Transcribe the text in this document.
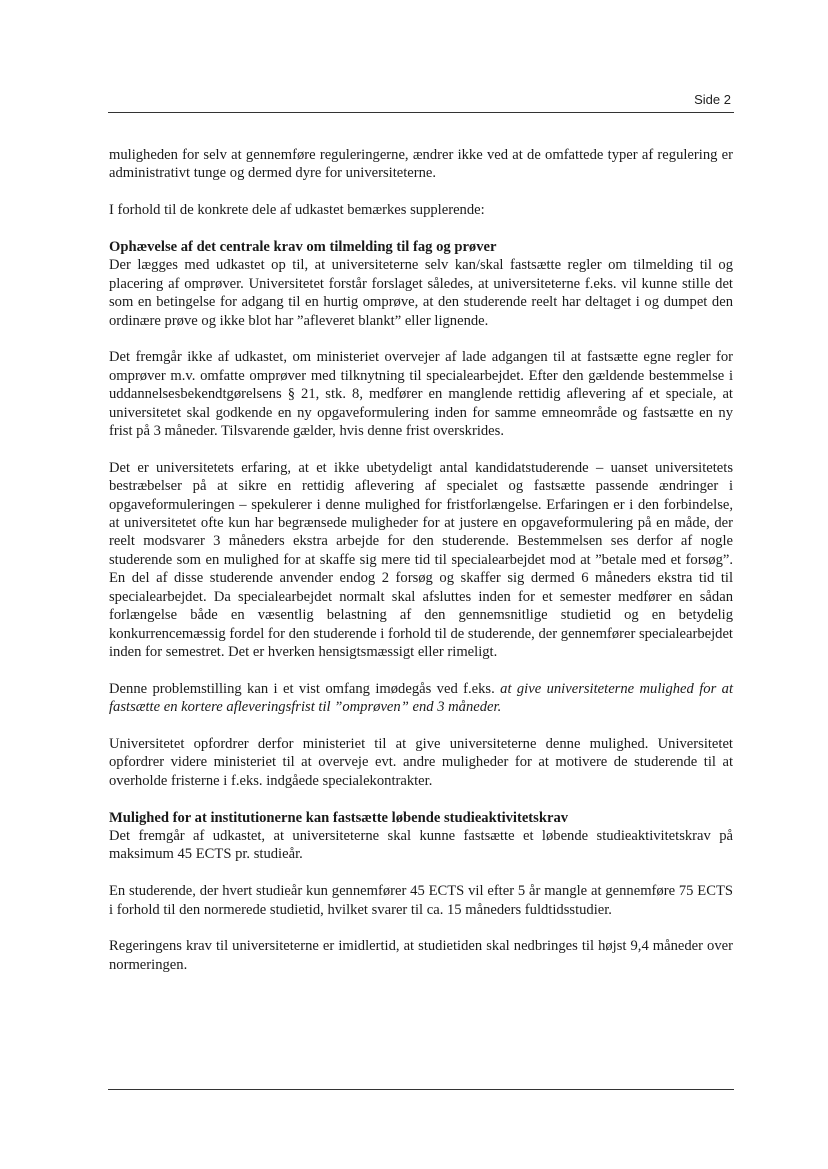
Side 2

muligheden for selv at gennemføre reguleringerne, ændrer ikke ved at de omfattede typer af regulering er administrativt tunge og dermed dyre for universiteterne.

I forhold til de konkrete dele af udkastet bemærkes supplerende:

Ophævelse af det centrale krav om tilmelding til fag og prøver

Der lægges med udkastet op til, at universiteterne selv kan/skal fastsætte regler om tilmelding til og placering af omprøver. Universitetet forstår forslaget således, at universiteterne f.eks. vil kunne stille det som en betingelse for adgang til en hurtig omprøve, at den studerende reelt har deltaget i og dumpet den ordinære prøve og ikke blot har ”afleveret blankt” eller lignende.

Det fremgår ikke af udkastet, om ministeriet overvejer af lade adgangen til at fastsætte egne regler for omprøver m.v. omfatte omprøver med tilknytning til specialearbejdet. Efter den gældende bestemmelse i uddannelsesbekendtgørelsens § 21, stk. 8, medfører en manglende rettidig aflevering af et speciale, at universitetet skal godkende en ny opgaveformulering inden for samme emneområde og fastsætte en ny frist på 3 måneder. Tilsvarende gælder, hvis denne frist overskrides.

Det er universitetets erfaring, at et ikke ubetydeligt antal kandidatstuderende – uanset universitetets bestræbelser på at sikre en rettidig aflevering af specialet og fastsætte passende ændringer i opgaveformuleringen – spekulerer i denne mulighed for fristforlængelse. Erfaringen er i den forbindelse, at universitetet ofte kun har begrænsede muligheder for at justere en opgaveformulering på en måde, der reelt modsvarer 3 måneders ekstra arbejde for den studerende. Bestemmelsen ses derfor af nogle studerende som en mulighed for at skaffe sig mere tid til specialearbejdet mod at ”betale med et forsøg”. En del af disse studerende anvender endog 2 forsøg og skaffer sig dermed 6 måneders ekstra tid til specialearbejdet. Da specialearbejdet normalt skal afsluttes inden for et semester medfører en sådan forlængelse både en væsentlig belastning af den gennemsnitlige studietid og en betydelig konkurrencemæssig fordel for den studerende i forhold til de studerende, der gennemfører specialearbejdet inden for semestret. Det er hverken hensigtsmæssigt eller rimeligt.

Denne problemstilling kan i et vist omfang imødegås ved f.eks. at give universiteterne mulighed for at fastsætte en kortere afleveringsfrist til ”omprøven” end 3 måneder.

Universitetet opfordrer derfor ministeriet til at give universiteterne denne mulighed. Universitetet opfordrer videre ministeriet til at overveje evt. andre muligheder for at motivere de studerende til at overholde fristerne i f.eks. indgåede specialekontrakter.

Mulighed for at institutionerne kan fastsætte løbende studieaktivitetskrav

Det fremgår af udkastet, at universiteterne skal kunne fastsætte et løbende studieaktivitetskrav på maksimum 45 ECTS pr. studieår.

En studerende, der hvert studieår kun gennemfører 45 ECTS vil efter 5 år mangle at gennemføre 75 ECTS i forhold til den normerede studietid, hvilket svarer til ca. 15 måneders fuldtidsstudier.

Regeringens krav til universiteterne er imidlertid, at studietiden skal nedbringes til højst 9,4 måneder over normeringen.
